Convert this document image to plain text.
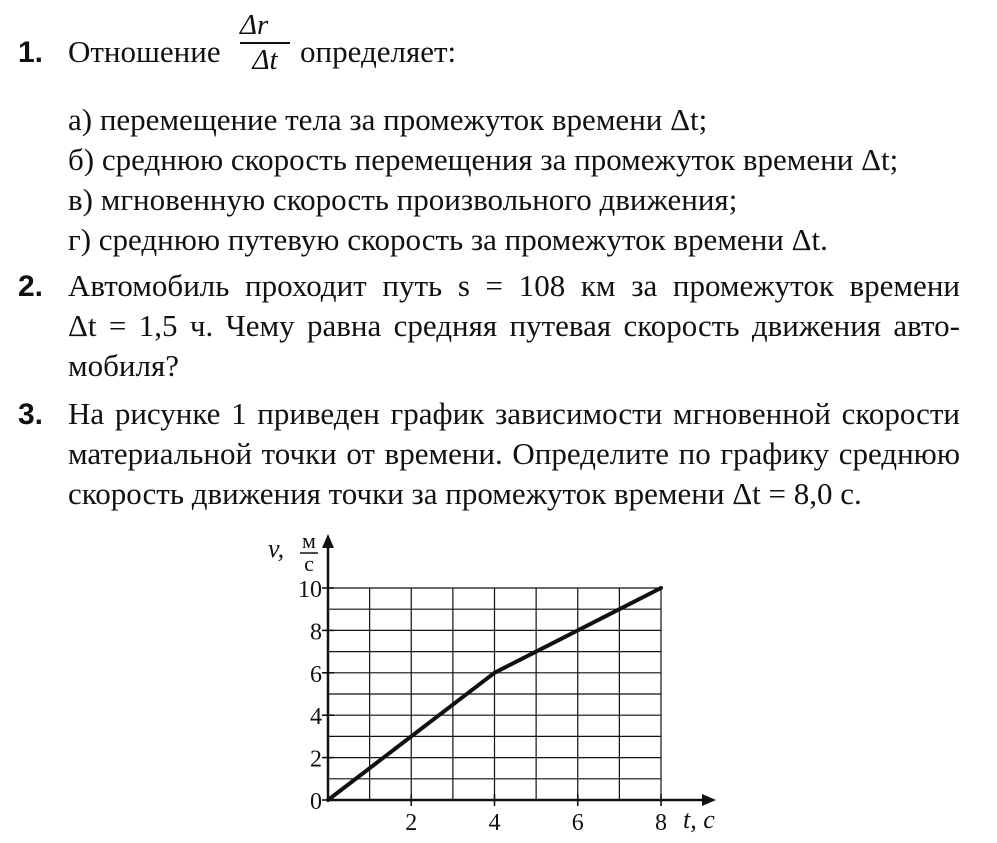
1. Отношение
Δr⃗
Δt определяет:
а) перемещение тела за промежуток времени Δt;
б) среднюю скорость перемещения за промежуток времени Δt;
в) мгновенную скорость произвольного движения;
г) среднюю путевую скорость за промежуток времени Δt.
2. Автомобиль проходит путь s = 108 км за промежуток времени
Δt = 1,5 ч. Чему равна средняя путевая скорость движения авто-
мобиля?
3. На рисунке 1 приведен график зависимости мгновенной скорости
материальной точки от времени. Определите по графику среднюю
скорость движения точки за промежуток времени Δt = 8,0 с.
2	4	6	8
0
2
4
6
8
10
v, м
с
t, с
